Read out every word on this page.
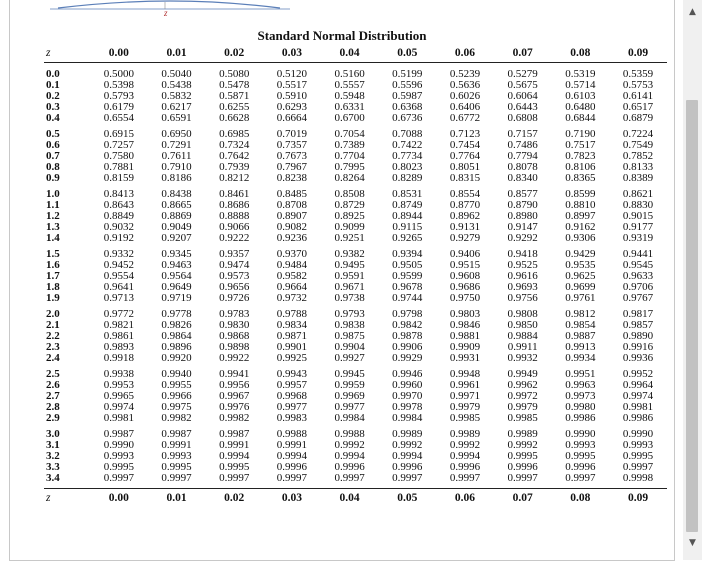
z
Standard Normal Distribution
z	0.00	0.01	0.02	0.03	0.04	0.05	0.06	0.07	0.08	0.09

0.0	0.5000	0.5040	0.5080	0.5120	0.5160	0.5199	0.5239	0.5279	0.5319	0.5359
0.1	0.5398	0.5438	0.5478	0.5517	0.5557	0.5596	0.5636	0.5675	0.5714	0.5753
0.2	0.5793	0.5832	0.5871	0.5910	0.5948	0.5987	0.6026	0.6064	0.6103	0.6141
0.3	0.6179	0.6217	0.6255	0.6293	0.6331	0.6368	0.6406	0.6443	0.6480	0.6517
0.4	0.6554	0.6591	0.6628	0.6664	0.6700	0.6736	0.6772	0.6808	0.6844	0.6879

0.5	0.6915	0.6950	0.6985	0.7019	0.7054	0.7088	0.7123	0.7157	0.7190	0.7224
0.6	0.7257	0.7291	0.7324	0.7357	0.7389	0.7422	0.7454	0.7486	0.7517	0.7549
0.7	0.7580	0.7611	0.7642	0.7673	0.7704	0.7734	0.7764	0.7794	0.7823	0.7852
0.8	0.7881	0.7910	0.7939	0.7967	0.7995	0.8023	0.8051	0.8078	0.8106	0.8133
0.9	0.8159	0.8186	0.8212	0.8238	0.8264	0.8289	0.8315	0.8340	0.8365	0.8389

1.0	0.8413	0.8438	0.8461	0.8485	0.8508	0.8531	0.8554	0.8577	0.8599	0.8621
1.1	0.8643	0.8665	0.8686	0.8708	0.8729	0.8749	0.8770	0.8790	0.8810	0.8830
1.2	0.8849	0.8869	0.8888	0.8907	0.8925	0.8944	0.8962	0.8980	0.8997	0.9015
1.3	0.9032	0.9049	0.9066	0.9082	0.9099	0.9115	0.9131	0.9147	0.9162	0.9177
1.4	0.9192	0.9207	0.9222	0.9236	0.9251	0.9265	0.9279	0.9292	0.9306	0.9319

1.5	0.9332	0.9345	0.9357	0.9370	0.9382	0.9394	0.9406	0.9418	0.9429	0.9441
1.6	0.9452	0.9463	0.9474	0.9484	0.9495	0.9505	0.9515	0.9525	0.9535	0.9545
1.7	0.9554	0.9564	0.9573	0.9582	0.9591	0.9599	0.9608	0.9616	0.9625	0.9633
1.8	0.9641	0.9649	0.9656	0.9664	0.9671	0.9678	0.9686	0.9693	0.9699	0.9706
1.9	0.9713	0.9719	0.9726	0.9732	0.9738	0.9744	0.9750	0.9756	0.9761	0.9767

2.0	0.9772	0.9778	0.9783	0.9788	0.9793	0.9798	0.9803	0.9808	0.9812	0.9817
2.1	0.9821	0.9826	0.9830	0.9834	0.9838	0.9842	0.9846	0.9850	0.9854	0.9857
2.2	0.9861	0.9864	0.9868	0.9871	0.9875	0.9878	0.9881	0.9884	0.9887	0.9890
2.3	0.9893	0.9896	0.9898	0.9901	0.9904	0.9906	0.9909	0.9911	0.9913	0.9916
2.4	0.9918	0.9920	0.9922	0.9925	0.9927	0.9929	0.9931	0.9932	0.9934	0.9936

2.5	0.9938	0.9940	0.9941	0.9943	0.9945	0.9946	0.9948	0.9949	0.9951	0.9952
2.6	0.9953	0.9955	0.9956	0.9957	0.9959	0.9960	0.9961	0.9962	0.9963	0.9964
2.7	0.9965	0.9966	0.9967	0.9968	0.9969	0.9970	0.9971	0.9972	0.9973	0.9974
2.8	0.9974	0.9975	0.9976	0.9977	0.9977	0.9978	0.9979	0.9979	0.9980	0.9981
2.9	0.9981	0.9982	0.9982	0.9983	0.9984	0.9984	0.9985	0.9985	0.9986	0.9986

3.0	0.9987	0.9987	0.9987	0.9988	0.9988	0.9989	0.9989	0.9989	0.9990	0.9990
3.1	0.9990	0.9991	0.9991	0.9991	0.9992	0.9992	0.9992	0.9992	0.9993	0.9993
3.2	0.9993	0.9993	0.9994	0.9994	0.9994	0.9994	0.9994	0.9995	0.9995	0.9995
3.3	0.9995	0.9995	0.9995	0.9996	0.9996	0.9996	0.9996	0.9996	0.9996	0.9997
3.4	0.9997	0.9997	0.9997	0.9997	0.9997	0.9997	0.9997	0.9997	0.9997	0.9998

z	0.00	0.01	0.02	0.03	0.04	0.05	0.06	0.07	0.08	0.09
▲
▼
